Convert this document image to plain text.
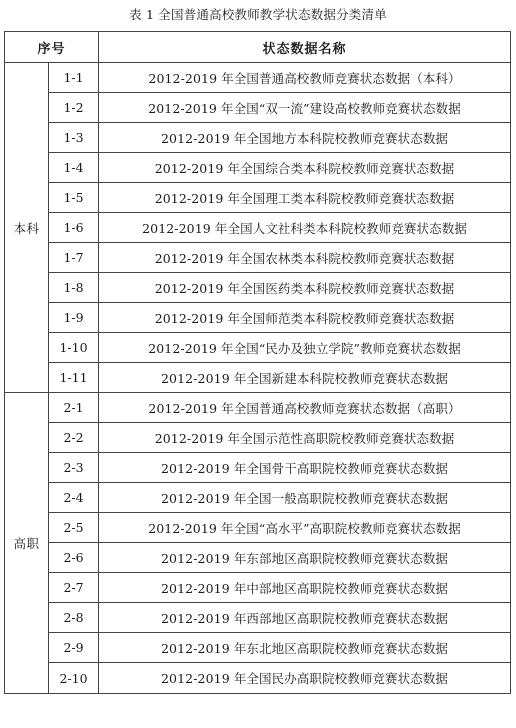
表 1 全国普通高校教师教学状态数据分类清单
序号		状态数据名称
本科	1-1	2012-2019 年全国普通高校教师竞赛状态数据（本科）
	1-2	2012-2019 年全国“双一流”建设高校教师竞赛状态数据
	1-3	2012-2019 年全国地方本科院校教师竞赛状态数据
	1-4	2012-2019 年全国综合类本科院校教师竞赛状态数据
	1-5	2012-2019 年全国理工类本科院校教师竞赛状态数据
	1-6	2012-2019 年全国人文社科类本科院校教师竞赛状态数据
	1-7	2012-2019 年全国农林类本科院校教师竞赛状态数据
	1-8	2012-2019 年全国医药类本科院校教师竞赛状态数据
	1-9	2012-2019 年全国师范类本科院校教师竞赛状态数据
	1-10	2012-2019 年全国“民办及独立学院”教师竞赛状态数据
	1-11	2012-2019 年全国新建本科院校教师竞赛状态数据
高职	2-1	2012-2019 年全国普通高校教师竞赛状态数据（高职）
	2-2	2012-2019 年全国示范性高职院校教师竞赛状态数据
	2-3	2012-2019 年全国骨干高职院校教师竞赛状态数据
	2-4	2012-2019 年全国一般高职院校教师竞赛状态数据
	2-5	2012-2019 年全国“高水平”高职院校教师竞赛状态数据
	2-6	2012-2019 年东部地区高职院校教师竞赛状态数据
	2-7	2012-2019 年中部地区高职院校教师竞赛状态数据
	2-8	2012-2019 年西部地区高职院校教师竞赛状态数据
	2-9	2012-2019 年东北地区高职院校教师竞赛状态数据
	2-10	2012-2019 年全国民办高职院校教师竞赛状态数据
